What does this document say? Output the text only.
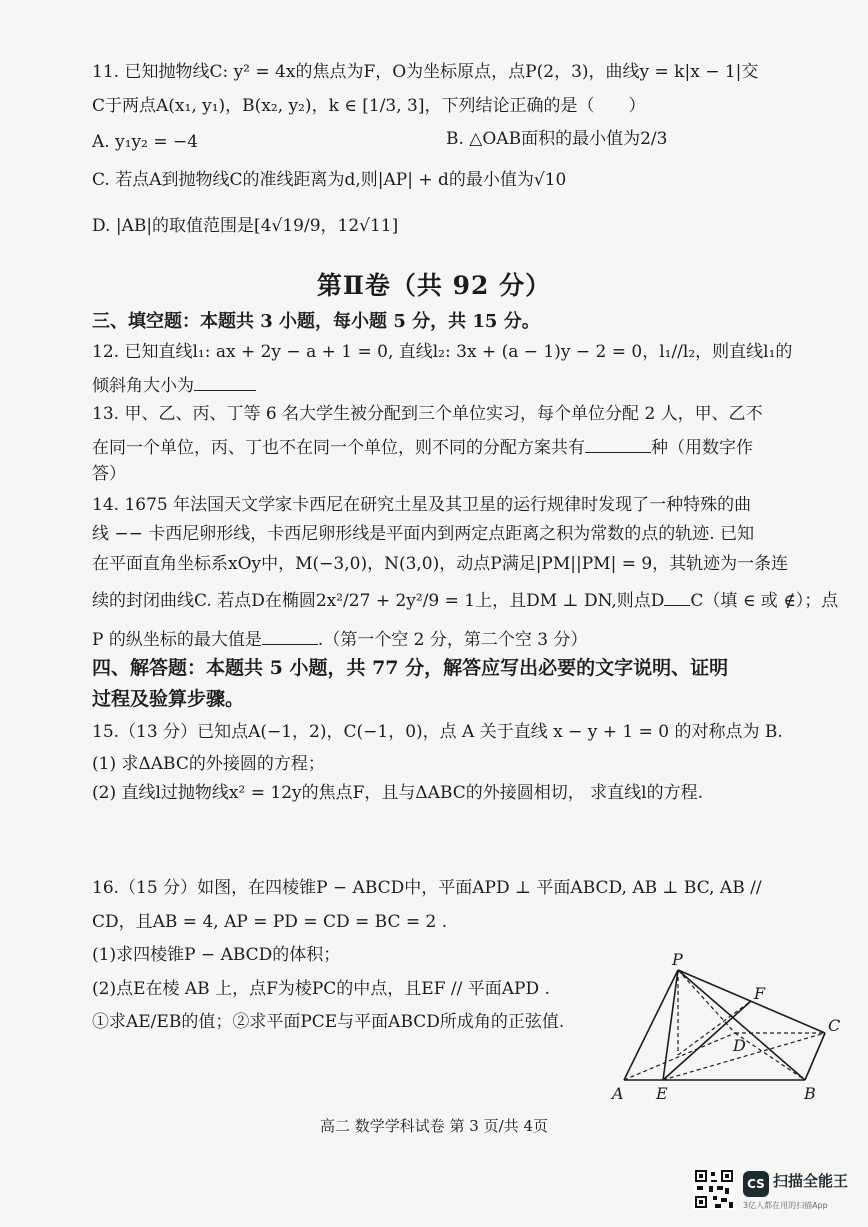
11. 已知抛物线C: y² = 4x的焦点为F，O为坐标原点，点P(2，3)，曲线y = k|x − 1|交
C于两点A(x₁, y₁)，B(x₂, y₂)，k ∈ [1/3, 3]，下列结论正确的是（　　）
A. y₁y₂ = −4	B. △OAB面积的最小值为2/3
C. 若点A到抛物线C的准线距离为d,则|AP| + d的最小值为√10
D. |AB|的取值范围是[4√19/9，12√11]
第Ⅱ卷（共 92 分）
三、填空题：本题共 3 小题，每小题 5 分，共 15 分。
12. 已知直线l₁: ax + 2y − a + 1 = 0, 直线l₂: 3x + (a − 1)y − 2 = 0，l₁//l₂，则直线l₁的
倾斜角大小为
13. 甲、乙、丙、丁等 6 名大学生被分配到三个单位实习，每个单位分配 2 人，甲、乙不
在同一个单位，丙、丁也不在同一个单位，则不同的分配方案共有	种（用数字作
答）
14. 1675 年法国天文学家卡西尼在研究土星及其卫星的运行规律时发现了一种特殊的曲
线 −− 卡西尼卵形线，卡西尼卵形线是平面内到两定点距离之积为常数的点的轨迹. 已知
在平面直角坐标系xOy中，M(−3,0)，N(3,0)，动点P满足|PM||PM| = 9，其轨迹为一条连
续的封闭曲线C. 若点D在椭圆2x²/27 + 2y²/9 = 1上，且DM ⊥ DN,则点D C（填 ∈ 或 ∉）；点
P 的纵坐标的最大值是	.（第一个空 2 分，第二个空 3 分）
四、解答题：本题共 5 小题，共 77 分，解答应写出必要的文字说明、证明
过程及验算步骤。
15.（13 分）已知点A(−1，2)，C(−1，0)，点 A 关于直线 x − y + 1 = 0 的对称点为 B.
(1) 求ΔABC的外接圆的方程；
(2) 直线l过抛物线x² = 12y的焦点F，且与ΔABC的外接圆相切， 求直线l的方程.
16.（15 分）如图，在四棱锥P − ABCD中，平面APD ⊥ 平面ABCD, AB ⊥ BC, AB //
CD，且AB = 4, AP = PD = CD = BC = 2 .
(1)求四棱锥P − ABCD的体积；
(2)点E在棱 AB 上，点F为棱PC的中点，且EF // 平面APD .
①求AE/EB的值；②求平面PCE与平面ABCD所成角的正弦值.
P
F
C
D
A E	B
高二 数学学科试卷 第 3 页/共 4页
CS 扫描全能王
3亿人都在用的扫描App
